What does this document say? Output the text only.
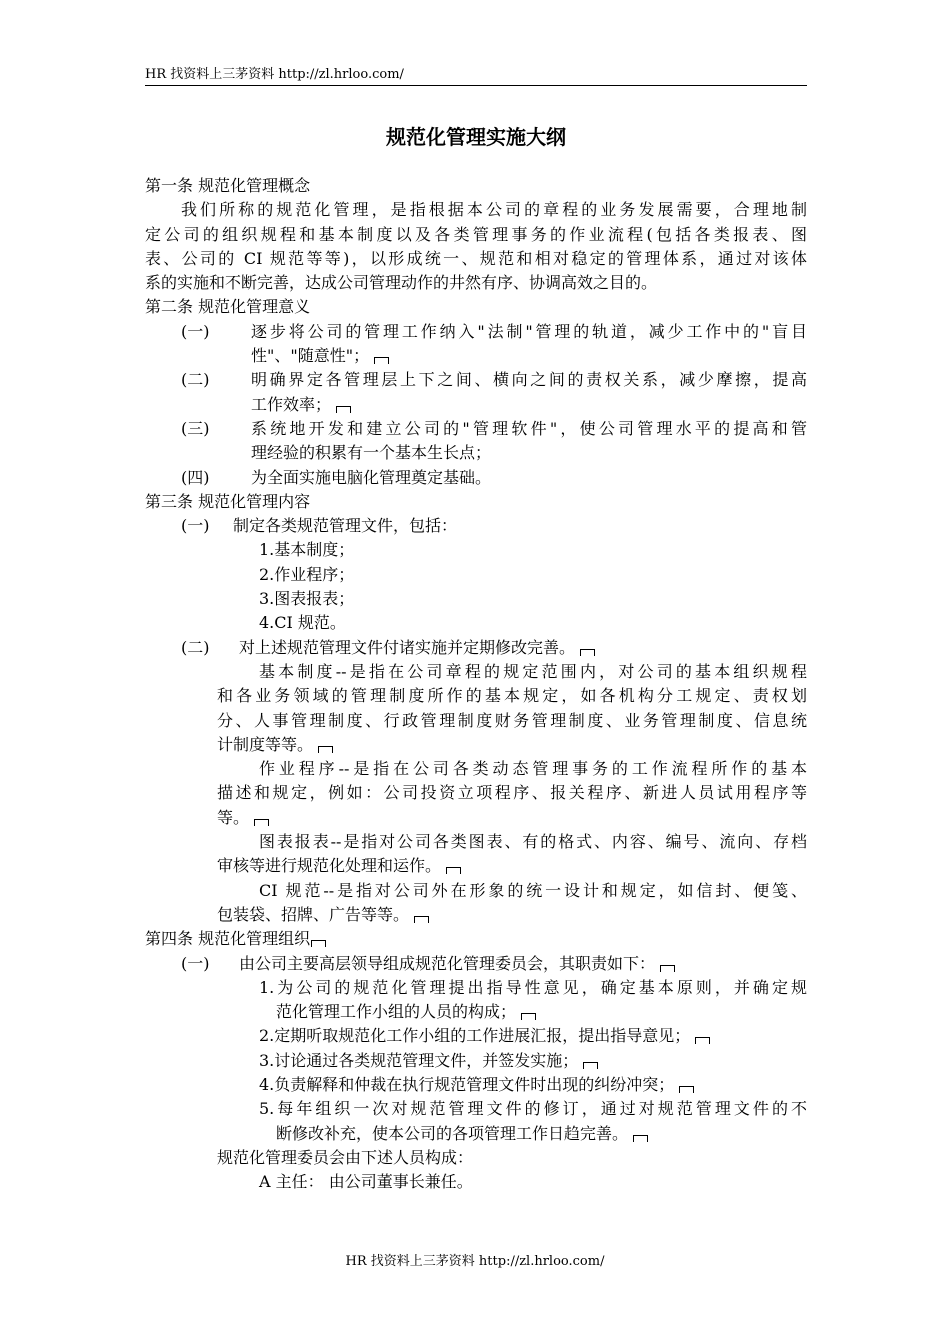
HR 找资料上三茅资料 http://zl.hrloo.com/
规范化管理实施大纲
第一条 规范化管理概念
我们所称的规范化管理，是指根据本公司的章程的业务发展需要，合理地制
定公司的组织规程和基本制度以及各类管理事务的作业流程(包括各类报表、图
表、公司的 CI 规范等等)，以形成统一、规范和相对稳定的管理体系，通过对该体
系的实施和不断完善，达成公司管理动作的井然有序、协调高效之目的。
第二条 规范化管理意义
(一)	逐步将公司的管理工作纳入"法制"管理的轨道，减少工作中的"盲目
性"、"随意性"；
(二)	明确界定各管理层上下之间、横向之间的责权关系，减少摩擦，提高
工作效率；
(三)	系统地开发和建立公司的"管理软件"，使公司管理水平的提高和管
理经验的积累有一个基本生长点；
(四)	为全面实施电脑化管理奠定基础。
第三条 规范化管理内容
(一) 制定各类规范管理文件，包括：
1.基本制度；
2.作业程序；
3.图表报表；
4.CI 规范。
(二) 对上述规范管理文件付诸实施并定期修改完善。
基本制度--是指在公司章程的规定范围内，对公司的基本组织规程
和各业务领域的管理制度所作的基本规定，如各机构分工规定、责权划
分、人事管理制度、行政管理制度财务管理制度、业务管理制度、信息统
计制度等等。
作业程序--是指在公司各类动态管理事务的工作流程所作的基本
描述和规定，例如：公司投资立项程序、报关程序、新进人员试用程序等
等。
图表报表--是指对公司各类图表、有的格式、内容、编号、流向、存档
审核等进行规范化处理和运作。
CI 规范--是指对公司外在形象的统一设计和规定，如信封、便笺、
包装袋、招牌、广告等等。
第四条 规范化管理组织
(一) 由公司主要高层领导组成规范化管理委员会，其职责如下：
1.为公司的规范化管理提出指导性意见，确定基本原则，并确定规
范化管理工作小组的人员的构成；
2.定期听取规范化工作小组的工作进展汇报，提出指导意见；
3.讨论通过各类规范管理文件，并签发实施；
4.负责解释和仲裁在执行规范管理文件时出现的纠纷冲突；
5.每年组织一次对规范管理文件的修订，通过对规范管理文件的不
断修改补充，使本公司的各项管理工作日趋完善。
规范化管理委员会由下述人员构成：
A 主任： 由公司董事长兼任。
HR 找资料上三茅资料 http://zl.hrloo.com/
